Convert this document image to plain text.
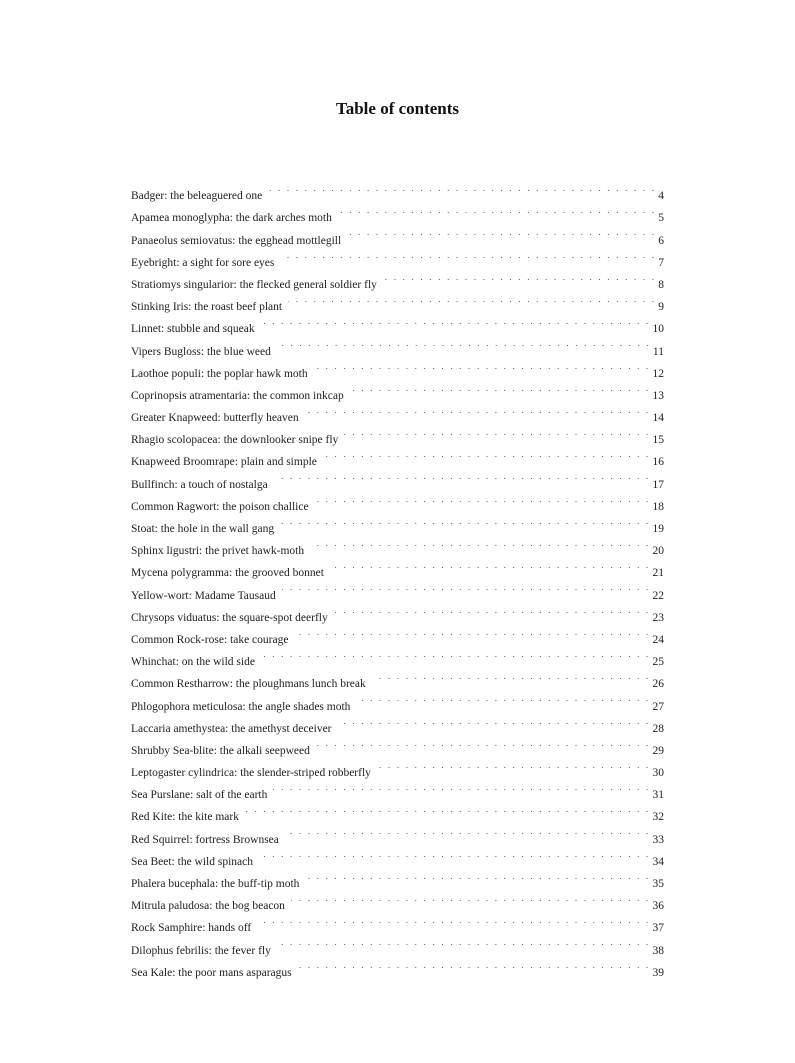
Table of contents
Badger: the beleaguered one . . .	4
Apamea monoglypha: the dark arches moth . . .	5
Panaeolus semiovatus: the egghead mottlegill . . .	6
Eyebright: a sight for sore eyes . . .	7
Stratiomys singularior: the flecked general soldier fly . . .	8
Stinking Iris: the roast beef plant . . .	9
Linnet: stubble and squeak . . .	10
Vipers Bugloss: the blue weed . . .	11
Laothoe populi: the poplar hawk moth . . .	12
Coprinopsis atramentaria: the common inkcap . . .	13
Greater Knapweed: butterfly heaven . . .	14
Rhagio scolopacea: the downlooker snipe fly . . .	15
Knapweed Broomrape: plain and simple . . .	16
Bullfinch: a touch of nostalga . . .	17
Common Ragwort: the poison challice . . .	18
Stoat: the hole in the wall gang . . .	19
Sphinx ligustri: the privet hawk-moth . . .	20
Mycena polygramma: the grooved bonnet . . .	21
Yellow-wort: Madame Tausaud . . .	22
Chrysops viduatus: the square-spot deerfly . . .	23
Common Rock-rose: take courage . . .	24
Whinchat: on the wild side . . .	25
Common Restharrow: the ploughmans lunch break . . .	26
Phlogophora meticulosa: the angle shades moth . . .	27
Laccaria amethystea: the amethyst deceiver . . .	28
Shrubby Sea-blite: the alkali seepweed . . .	29
Leptogaster cylindrica: the slender-striped robberfly . . .	30
Sea Purslane: salt of the earth . . .	31
Red Kite: the kite mark . . .	32
Red Squirrel: fortress Brownsea . . .	33
Sea Beet: the wild spinach . . .	34
Phalera bucephala: the buff-tip moth . . .	35
Mitrula paludosa: the bog beacon . . .	36
Rock Samphire: hands off . . .	37
Dilophus febrilis: the fever fly . . .	38
Sea Kale: the poor mans asparagus . . .	39
